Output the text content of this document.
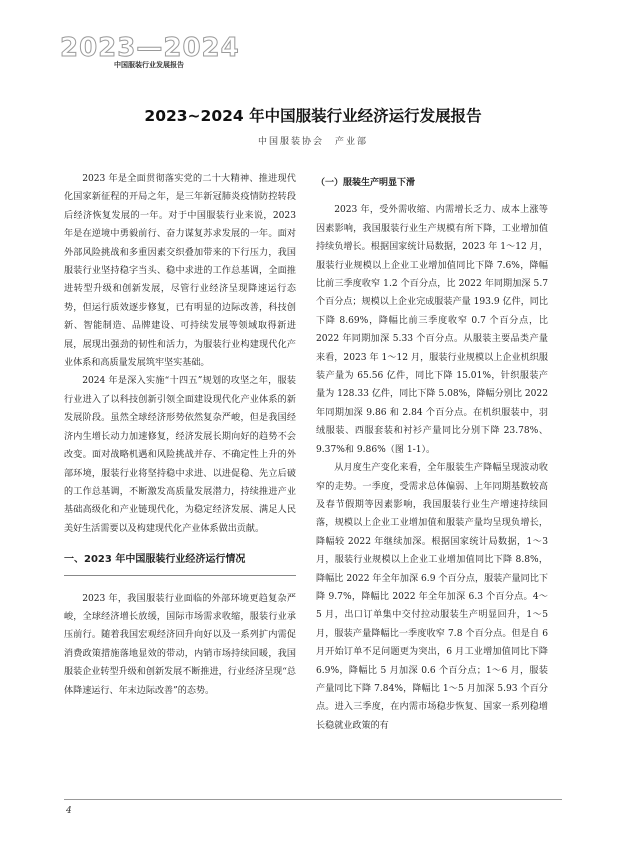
2023—2024
中国服装行业发展报告
2023~2024 年中国服装行业经济运行发展报告
中国服装协会　产业部

2023 年是全面贯彻落实党的二十大精神、推进现代化国家新征程的开局之年，是三年新冠肺炎疫情防控转段后经济恢复发展的一年。对于中国服装行业来说，2023 年是在逆境中勇毅前行、奋力谋复苏求发展的一年。面对外部风险挑战和多重因素交织叠加带来的下行压力，我国服装行业坚持稳字当头、稳中求进的工作总基调，全面推进转型升级和创新发展，尽管行业经济呈现降速运行态势，但运行质效逐步修复，已有明显的边际改善，科技创新、智能制造、品牌建设、可持续发展等领域取得新进展，展现出强劲的韧性和活力，为服装行业构建现代化产业体系和高质量发展筑牢坚实基础。

2024 年是深入实施“十四五”规划的攻坚之年，服装行业进入了以科技创新引领全面建设现代化产业体系的新发展阶段。虽然全球经济形势依然复杂严峻，但是我国经济内生增长动力加速修复，经济发展长期向好的趋势不会改变。面对战略机遇和风险挑战并存、不确定性上升的外部环境，服装行业将坚持稳中求进、以进促稳、先立后破的工作总基调，不断激发高质量发展潜力，持续推进产业基础高级化和产业链现代化，为稳定经济发展、满足人民美好生活需要以及构建现代化产业体系做出贡献。

一、2023 年中国服装行业经济运行情况

2023 年，我国服装行业面临的外部环境更趋复杂严峻，全球经济增长放缓，国际市场需求收缩，服装行业承压前行。随着我国宏观经济回升向好以及一系列扩内需促消费政策措施落地显效的带动，内销市场持续回暖，我国服装企业转型升级和创新发展不断推进，行业经济呈现“总体降速运行、年末边际改善”的态势。

（一）服装生产明显下滑

2023 年，受外需收缩、内需增长乏力、成本上涨等因素影响，我国服装行业生产规模有所下降，工业增加值持续负增长。根据国家统计局数据，2023 年 1～12 月，服装行业规模以上企业工业增加值同比下降 7.6%，降幅比前三季度收窄 1.2 个百分点，比 2022 年同期加深 5.7 个百分点；规模以上企业完成服装产量 193.9 亿件，同比下降 8.69%，降幅比前三季度收窄 0.7 个百分点，比 2022 年同期加深 5.33 个百分点。从服装主要品类产量来看，2023 年 1～12 月，服装行业规模以上企业机织服装产量为 65.56 亿件，同比下降 15.01%，针织服装产量为 128.33 亿件，同比下降 5.08%，降幅分别比 2022 年同期加深 9.86 和 2.84 个百分点。在机织服装中，羽绒服装、西服套装和衬衫产量同比分别下降 23.78%、9.37%和 9.86%（图 1-1）。

从月度生产变化来看，全年服装生产降幅呈现波动收窄的走势。一季度，受需求总体偏弱、上年同期基数较高及春节假期等因素影响，我国服装行业生产增速持续回落，规模以上企业工业增加值和服装产量均呈现负增长，降幅较 2022 年继续加深。根据国家统计局数据，1～3 月，服装行业规模以上企业工业增加值同比下降 8.8%，降幅比 2022 年全年加深 6.9 个百分点，服装产量同比下降 9.7%，降幅比 2022 年全年加深 6.3 个百分点。4～5 月，出口订单集中交付拉动服装生产明显回升，1～5 月，服装产量降幅比一季度收窄 7.8 个百分点。但是自 6 月开始订单不足问题更为突出，6 月工业增加值同比下降 6.9%，降幅比 5 月加深 0.6 个百分点；1～6 月，服装产量同比下降 7.84%，降幅比 1～5 月加深 5.93 个百分点。进入三季度，在内需市场稳步恢复、国家一系列稳增长稳就业政策的有

4
